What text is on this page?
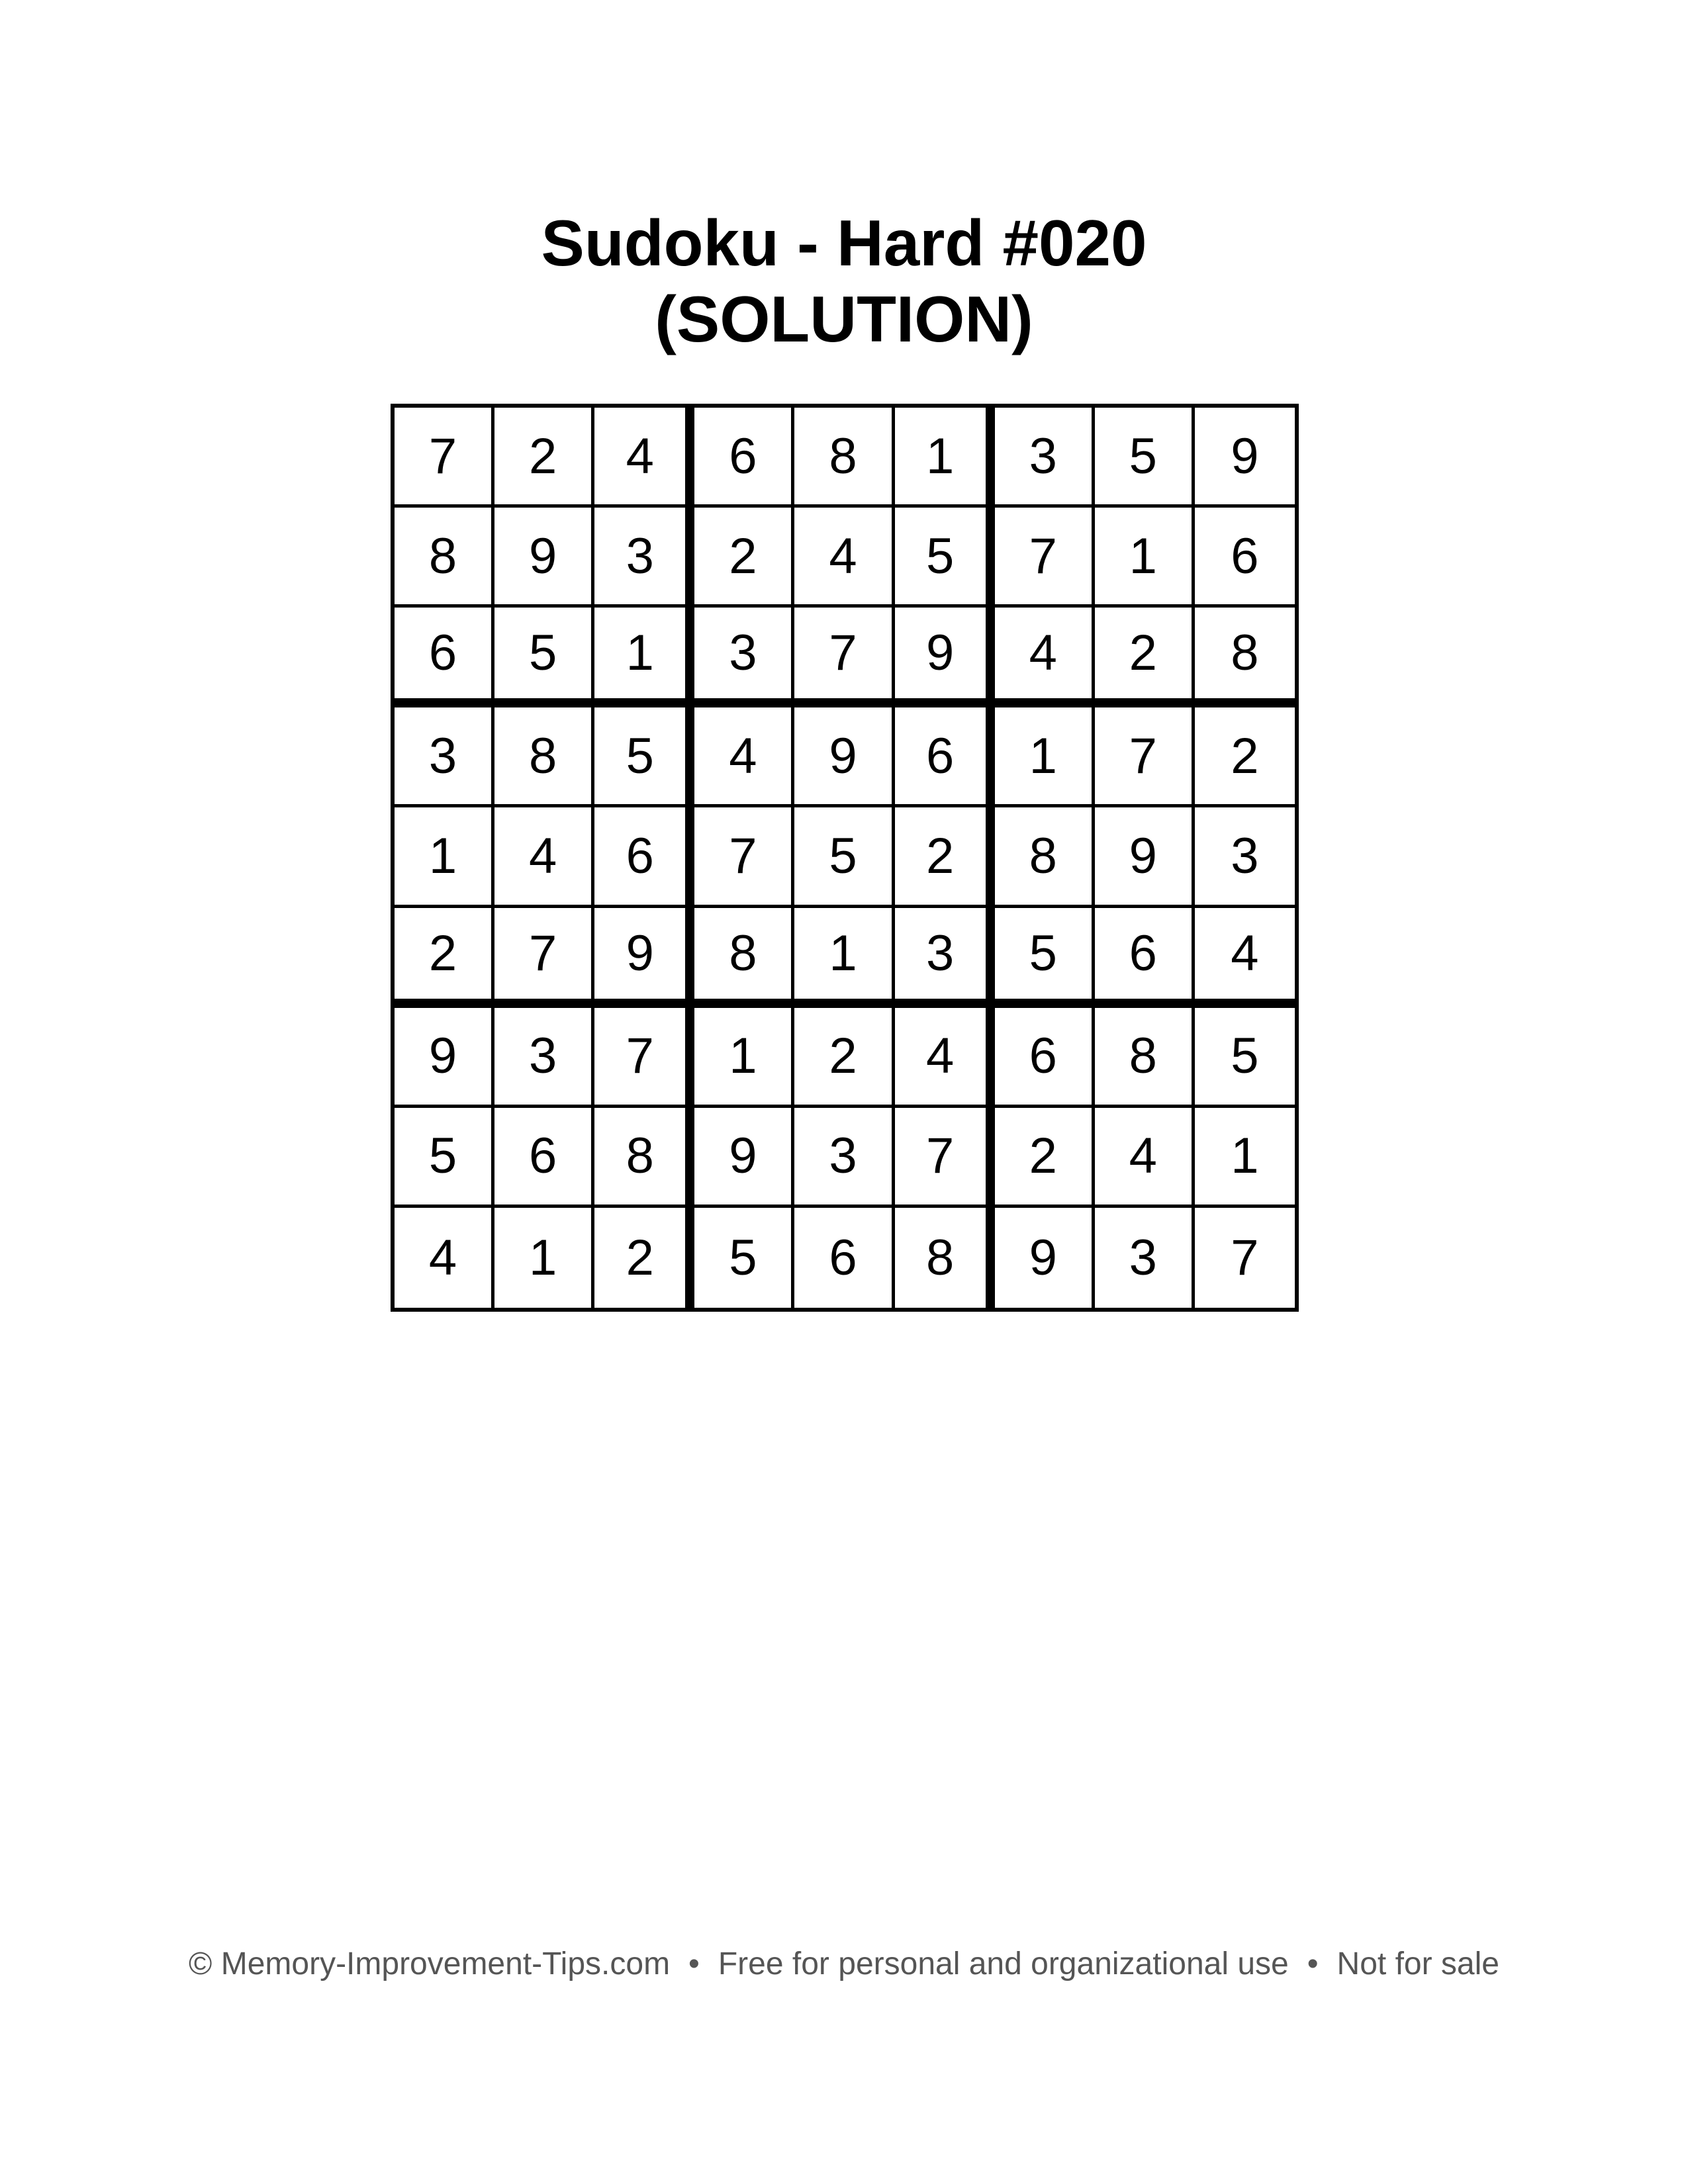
Sudoku - Hard #020
(SOLUTION)
7	2	4	6	8	1	3	5	9
8	9	3	2	4	5	7	1	6
6	5	1	3	7	9	4	2	8
3	8	5	4	9	6	1	7	2
1	4	6	7	5	2	8	9	3
2	7	9	8	1	3	5	6	4
9	3	7	1	2	4	6	8	5
5	6	8	9	3	7	2	4	1
4	1	2	5	6	8	9	3	7
© Memory-Improvement-Tips.com • Free for personal and organizational use • Not for sale
